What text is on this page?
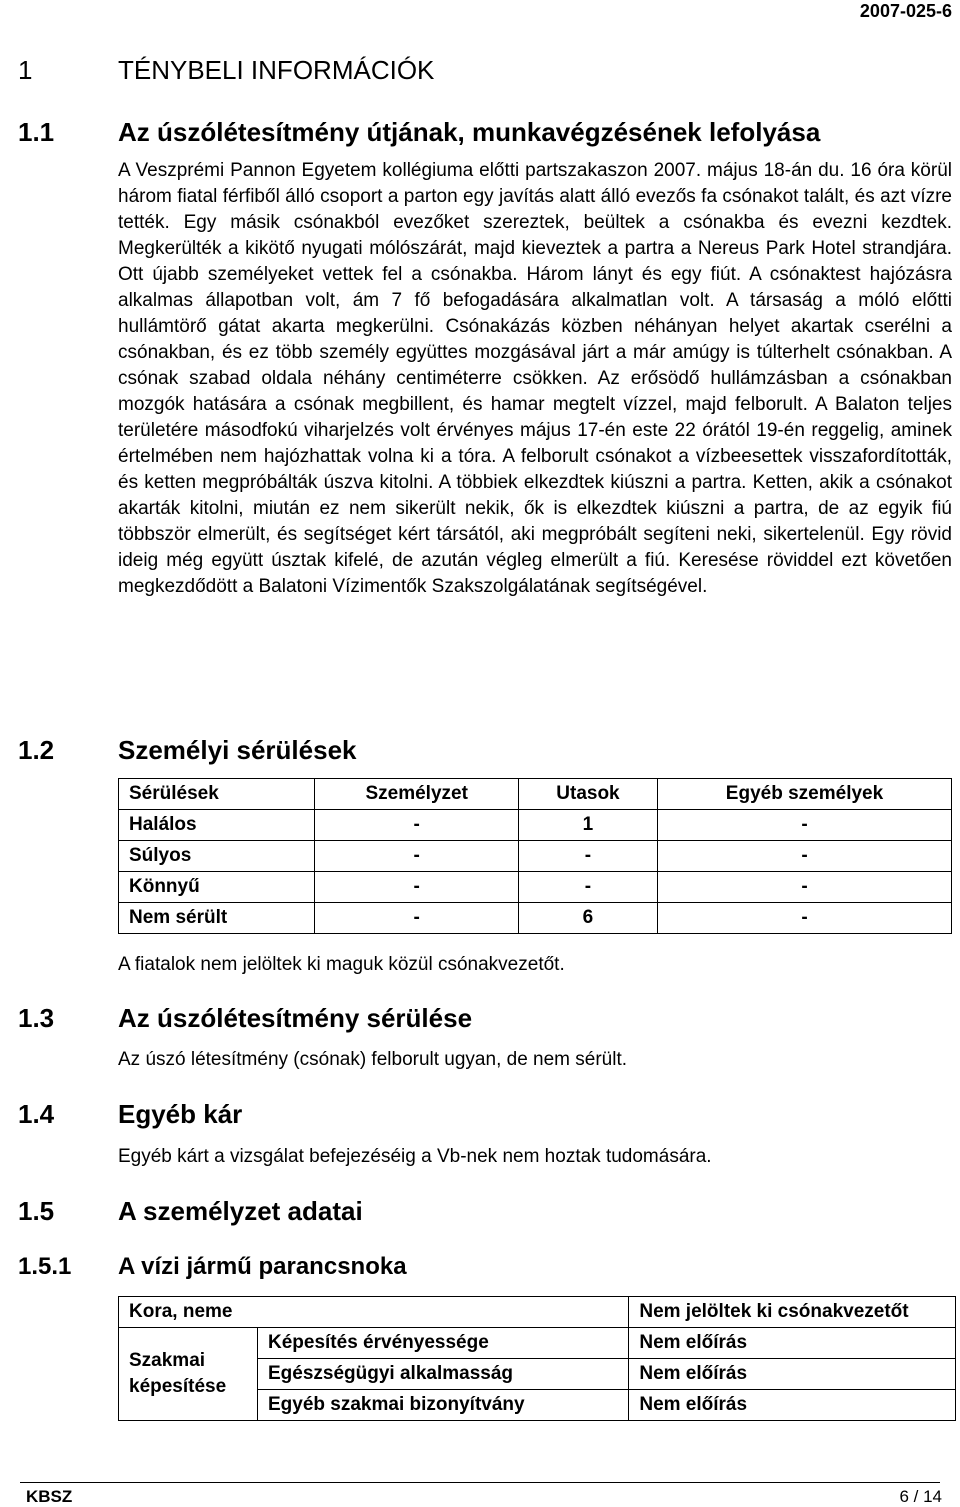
2007-025-6
1	TÉNYBELI INFORMÁCIÓK
1.1 Az úszólétesítmény útjának, munkavégzésének lefolyása
A Veszprémi Pannon Egyetem kollégiuma előtti partszakaszon 2007. május 18-án du. 16 óra körül három fiatal férfiből álló csoport a parton egy javítás alatt álló evezős fa csónakot talált, és azt vízre tették. Egy másik csónakból evezőket szereztek, beültek a csónakba és evezni kezdtek. Megkerülték a kikötő nyugati mólószárát, majd kieveztek a partra a Nereus Park Hotel strandjára. Ott újabb személyeket vettek fel a csónakba. Három lányt és egy fiút. A csónaktest hajózásra alkalmas állapotban volt, ám 7 fő befogadására alkalmatlan volt. A társaság a móló előtti hullámtörő gátat akarta megkerülni. Csónakázás közben néhányan helyet akartak cserélni a csónakban, és ez több személy együttes mozgásával járt a már amúgy is túlterhelt csónakban. A csónak szabad oldala néhány centiméterre csökken. Az erősödő hullámzásban a csónakban mozgók hatására a csónak megbillent, és hamar megtelt vízzel, majd felborult. A Balaton teljes területére másodfokú viharjelzés volt érvényes május 17-én este 22 órától 19-én reggelig, aminek értelmében nem hajózhattak volna ki a tóra. A felborult csónakot a vízbeesettek visszafordították, és ketten megpróbálták úszva kitolni. A többiek elkezdtek kiúszni a partra. Ketten, akik a csónakot akarták kitolni, miután ez nem sikerült nekik, ők is elkezdtek kiúszni a partra, de az egyik fiú többször elmerült, és segítséget kért társától, aki megpróbált segíteni neki, sikertelenül. Egy rövid ideig még együtt úsztak kifelé, de azután végleg elmerült a fiú. Keresése röviddel ezt követően megkezdődött a Balatoni Vízimentők Szakszolgálatának segítségével.
1.2 Személyi sérülések
Sérülések	Személyzet	Utasok	Egyéb személyek
Halálos	-	1	-
Súlyos	-	-	-
Könnyű	-	-	-
Nem sérült	-	6	-
A fiatalok nem jelöltek ki maguk közül csónakvezetőt.
1.3 Az úszólétesítmény sérülése
Az úszó létesítmény (csónak) felborult ugyan, de nem sérült.
1.4 Egyéb kár
Egyéb kárt a vizsgálat befejezéséig a Vb-nek nem hoztak tudomására.
1.5 A személyzet adatai
1.5.1 A vízi jármű parancsnoka
Kora, neme		Nem jelöltek ki csónakvezetőt
Szakmai képesítése	Képesítés érvényessége	Nem előírás
	Egészségügyi alkalmasság	Nem előírás
	Egyéb szakmai bizonyítvány	Nem előírás
KBSZ	6 / 14
